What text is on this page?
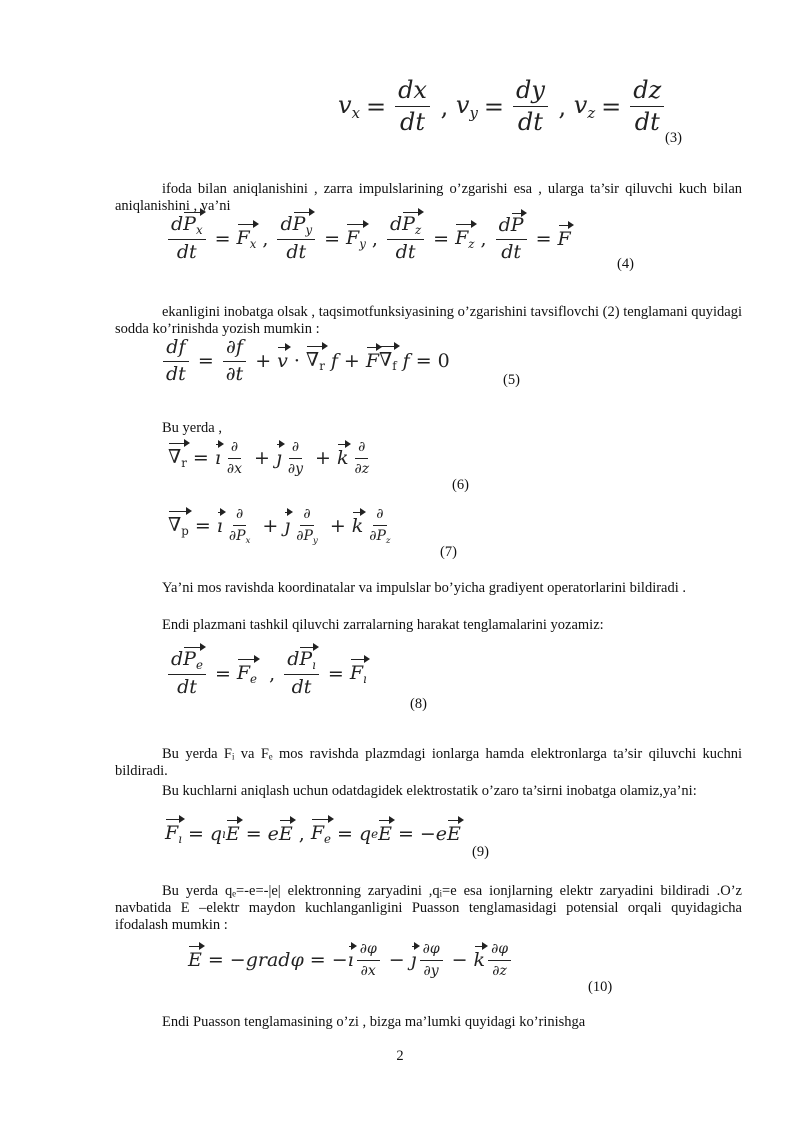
$v_x = \frac{dx}{dt}$ ,
$v_y = \frac{dy}{dt}$ , $v_z = \frac{dz}{dt}$
(3)
ifoda bilan aniqlanishini , zarra impulslarining o’zgarishi esa , ularga ta’sir qiluvchi kuch bilan aniqlanishini , ya’ni
$\frac{dP_x}{dt} = F_x$ , $\frac{dP_y}{dt} = F_y$ , $\frac{dP_z}{dt} = F_z$ , $\frac{dP}{dt} = F$
(4)
ekanligini inobatga olsak , taqsimotfunksiyasining o’zgarishini tavsiflovchi (2) tenglamani quyidagi sodda ko’rinishda yozish mumkin :
$\frac{df}{dt} = \frac{\partial f}{\partial t} + v \cdot \nabla_r$ f + F $\nabla_f$ f = 0
(5)
Bu yerda ,
$\nabla_r$ = ı $\frac{\partial}{\partial x}$ + ȷ $\frac{\partial}{\partial y} + k \frac{\partial}{\partial z}$
(6)
$\nabla_p$ = ı $\frac{\partial}{\partial P_x}$ + ȷ $\frac{\partial}{\partial P_y} + k \frac{\partial}{\partial P_z}$
(7)
Ya’ni mos ravishda koordinatalar va impulslar bo’yicha gradiyent operatorlarini bildiradi .
Endi plazmani tashkil qiluvchi zarralarning harakat tenglamalarini yozamiz:
$\frac{dP_e}{dt} = F_e$ , $\frac{dP_ı}{dt} = F_ı$
(8)
Bu yerda Fᵢ va Fₑ mos ravishda plazmdagi ionlarga hamda elektronlarga ta’sir qiluvchi kuchni bildiradi.
Bu kuchlarni aniqlash uchun odatdagidek elektrostatik o’zaro ta’sirni inobatga olamiz,ya’ni:
$F_ı = q$ ı E = e E , $F_e = q$ e E = − e E
(9)
Bu yerda qₑ=-e=-|e| elektronning zaryadini ,qᵢ=e esa ionjlarning elektr zaryadini bildiradi .O’z navbatida E –elektr maydon kuchlanganligini Puasson tenglamasidagi potensial orqali quyidagicha ifodalash mumkin :
E = − grad φ = − ı $\frac{\partial\varphi}{\partial x}$ − ȷ $\frac{\partial\varphi}{\partial y} - k \frac{\partial\varphi}{\partial z}$
(10)
Endi Puasson tenglamasining o’zi , bizga ma’lumki quyidagi ko’rinishga
2
